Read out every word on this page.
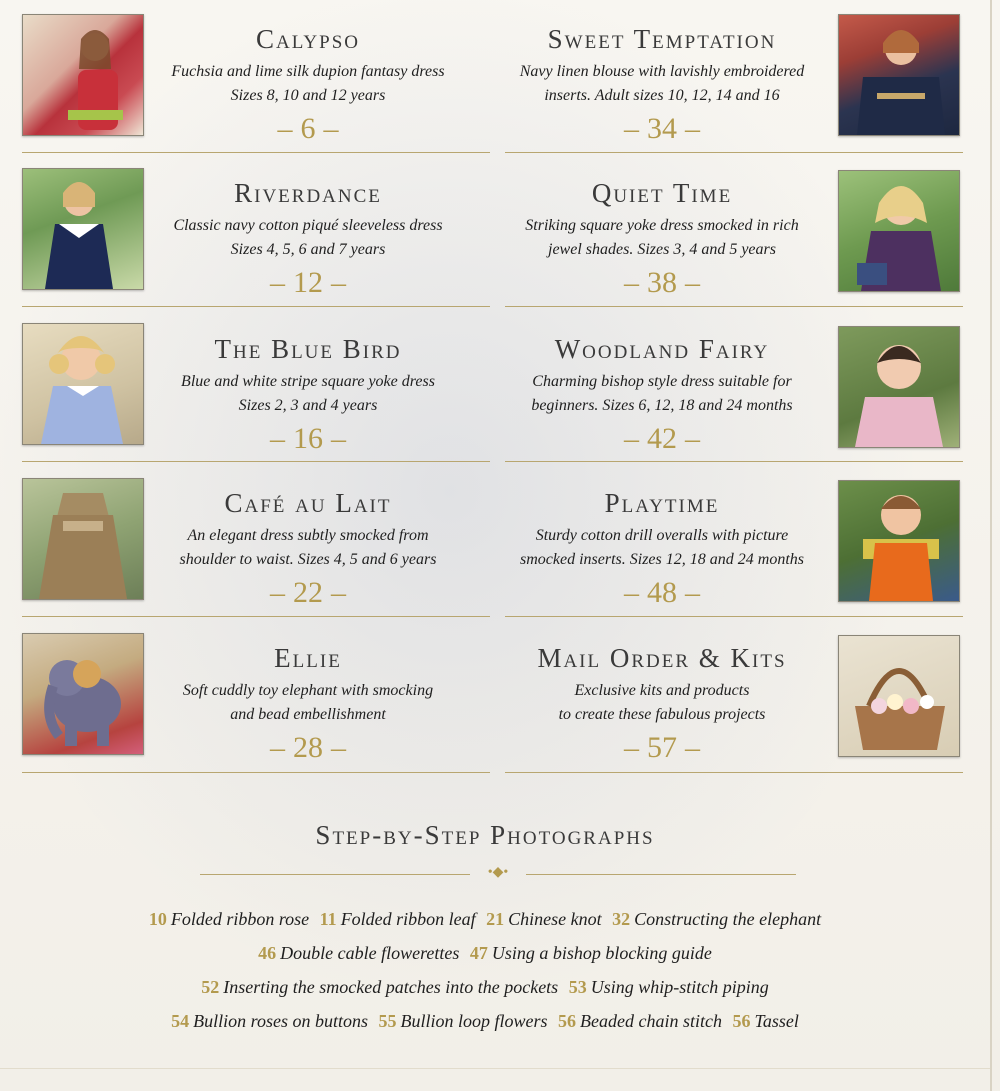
Calypso
Fuchsia and lime silk dupion fantasy dress
Sizes 8, 10 and 12 years
– 6 –
Riverdance
Classic navy cotton piqué sleeveless dress
Sizes 4, 5, 6 and 7 years
– 12 –
The Blue Bird
Blue and white stripe square yoke dress
Sizes 2, 3 and 4 years
– 16 –
Café au Lait
An elegant dress subtly smocked from
shoulder to waist. Sizes 4, 5 and 6 years
– 22 –
Ellie
Soft cuddly toy elephant with smocking
and bead embellishment
– 28 –
Sweet Temptation
Navy linen blouse with lavishly embroidered
inserts. Adult sizes 10, 12, 14 and 16
– 34 –
Quiet Time
Striking square yoke dress smocked in rich
jewel shades. Sizes 3, 4 and 5 years
– 38 –
Woodland Fairy
Charming bishop style dress suitable for
beginners. Sizes 6, 12, 18 and 24 months
– 42 –
Playtime
Sturdy cotton drill overalls with picture
smocked inserts. Sizes 12, 18 and 24 months
– 48 –
Mail Order & Kits
Exclusive kits and products
to create these fabulous projects
– 57 –
Step-by-Step Photographs
•◆•
10 Folded ribbon rose 11 Folded ribbon leaf 21 Chinese knot 32 Constructing the elephant
46 Double cable flowerettes 47 Using a bishop blocking guide
52 Inserting the smocked patches into the pockets 53 Using whip-stitch piping
54 Bullion roses on buttons 55 Bullion loop flowers 56 Beaded chain stitch 56 Tassel
